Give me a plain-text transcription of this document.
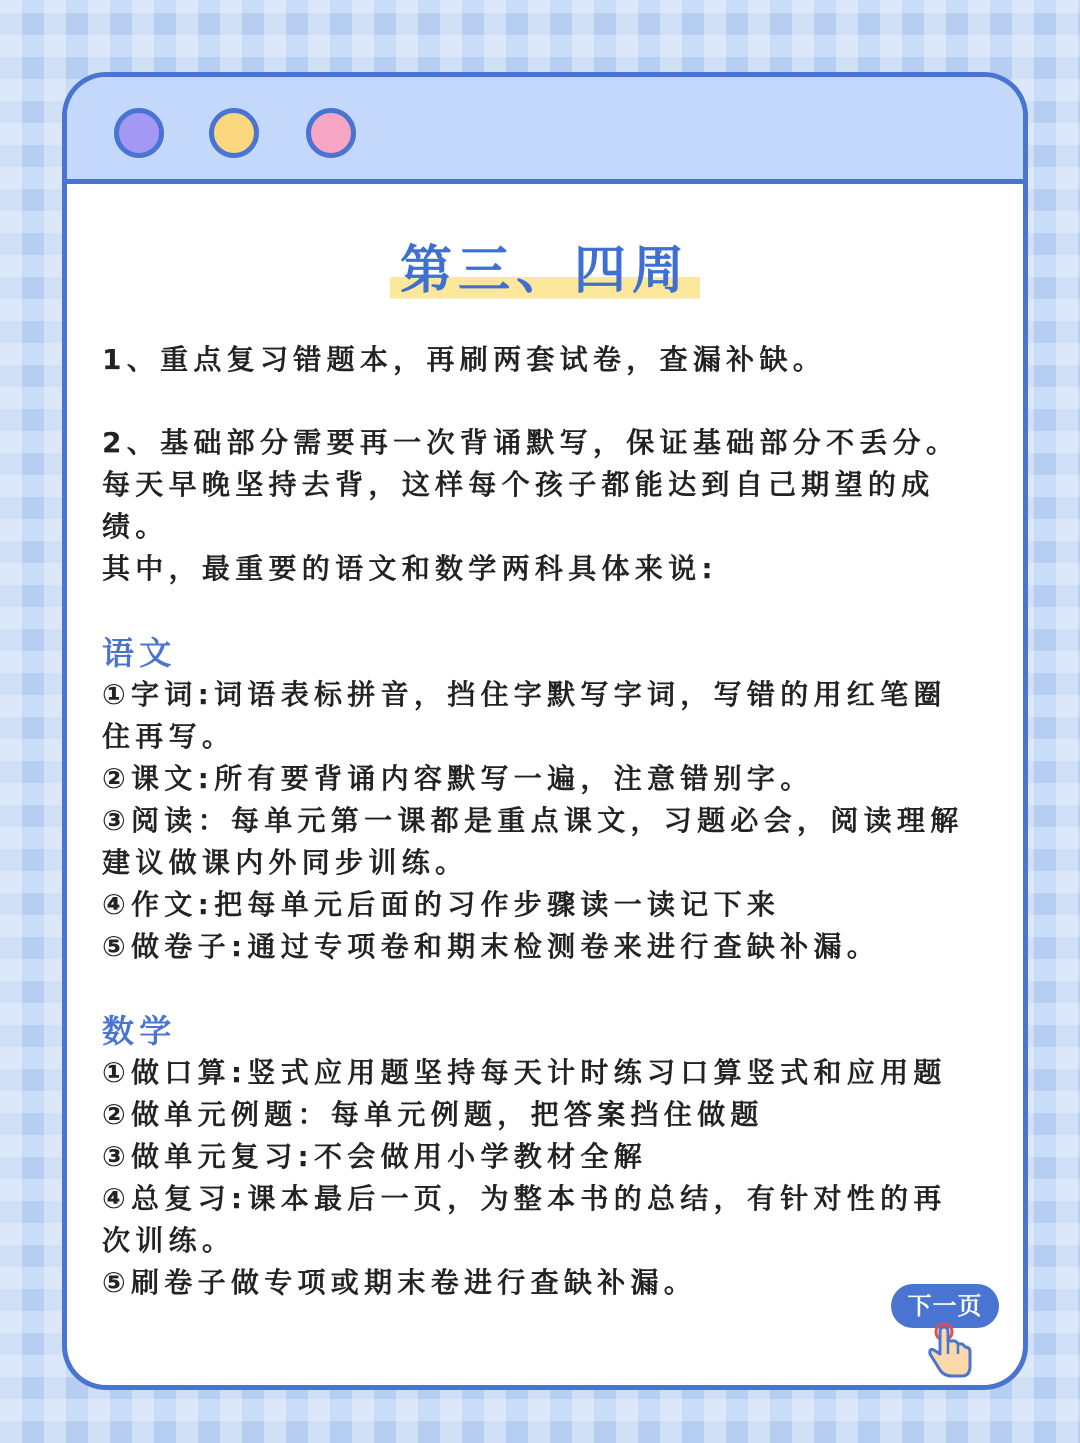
第三、四周

1、重点复习错题本，再刷两套试卷，查漏补缺。

2、基础部分需要再一次背诵默写，保证基础部分不丢分。每天早晚坚持去背，这样每个孩子都能达到自己期望的成绩。

其中，最重要的语文和数学两科具体来说:

语文

①字词:词语表标拼音，挡住字默写字词，写错的用红笔圈住再写。

②课文:所有要背诵内容默写一遍，注意错别字。

③阅读：每单元第一课都是重点课文，习题必会，阅读理解建议做课内外同步训练。

④作文:把每单元后面的习作步骤读一读记下来

⑤做卷子:通过专项卷和期末检测卷来进行查缺补漏。

数学

①做口算:竖式应用题坚持每天计时练习口算竖式和应用题

②做单元例题：每单元例题，把答案挡住做题

③做单元复习:不会做用小学教材全解

④总复习:课本最后一页，为整本书的总结，有针对性的再次训练。

⑤刷卷子做专项或期末卷进行查缺补漏。

下一页
